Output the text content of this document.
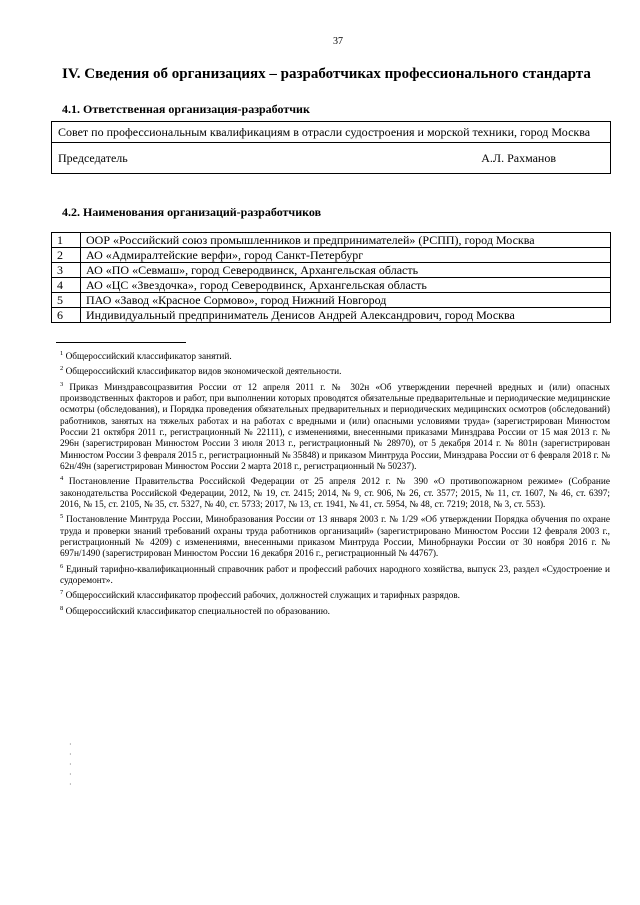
37
IV. Сведения об организациях – разработчиках профессионального стандарта
4.1. Ответственная организация-разработчик
Совет по профессиональным квалификациям в отрасли судостроения и морской техники, город Москва

Председатель	А.Л. Рахманов
4.2. Наименования организаций-разработчиков
1	ООР «Российский союз промышленников и предпринимателей» (РСПП), город Москва
2	АО «Адмиралтейские верфи», город Санкт-Петербург
3	АО «ПО «Севмаш», город Северодвинск, Архангельская область
4	АО «ЦС «Звездочка», город Северодвинск, Архангельская область
5	ПАО «Завод «Красное Сормово», город Нижний Новгород
6	Индивидуальный предприниматель Денисов Андрей Александрович, город Москва

$^1$ Общероссийский классификатор занятий.

$^2$ Общероссийский классификатор видов экономической деятельности.

$^3$ Приказ Минздравсоцразвития России от 12 апреля 2011 г. № 302н «Об утверждении перечней вредных и (или) опасных производственных факторов и работ, при выполнении которых проводятся обязательные предварительные и периодические медицинские осмотры (обследования), и Порядка проведения обязательных предварительных и периодических медицинских осмотров (обследований) работников, занятых на тяжелых работах и на работах с вредными и (или) опасными условиями труда» (зарегистрирован Минюстом России 21 октября 2011 г., регистрационный № 22111), с изменениями, внесенными приказами Минздрава России от 15 мая 2013 г. № 296н (зарегистрирован Минюстом России 3 июля 2013 г., регистрационный № 28970), от 5 декабря 2014 г. № 801н (зарегистрирован Минюстом России 3 февраля 2015 г., регистрационный № 35848) и приказом Минтруда России, Минздрава России от 6 февраля 2018 г. № 62н/49н (зарегистрирован Минюстом России 2 марта 2018 г., регистрационный № 50237).

$^4$ Постановление Правительства Российской Федерации от 25 апреля 2012 г. № 390 «О противопожарном режиме» (Собрание законодательства Российской Федерации, 2012, № 19, ст. 2415; 2014, № 9, ст. 906, № 26, ст. 3577; 2015, № 11, ст. 1607, № 46, ст. 6397; 2016, № 15, ст. 2105, № 35, ст. 5327, № 40, ст. 5733; 2017, № 13, ст. 1941, № 41, ст. 5954, № 48, ст. 7219; 2018, № 3, ст. 553).

$^5$ Постановление Минтруда России, Минобразования России от 13 января 2003 г. № 1/29 «Об утверждении Порядка обучения по охране труда и проверки знаний требований охраны труда работников организаций» (зарегистрировано Минюстом России 12 февраля 2003 г., регистрационный № 4209) с изменениями, внесенными приказом Минтруда России, Минобрнауки России от 30 ноября 2016 г. № 697н/1490 (зарегистрирован Минюстом России 16 декабря 2016 г., регистрационный № 44767).

$^6$ Единый тарифно-квалификационный справочник работ и профессий рабочих народного хозяйства, выпуск 23, раздел «Судостроение и судоремонт».

$^7$ Общероссийский классификатор профессий рабочих, должностей служащих и тарифных разрядов.

$^8$ Общероссийский классификатор специальностей по образованию.

·
·
·
·
·
